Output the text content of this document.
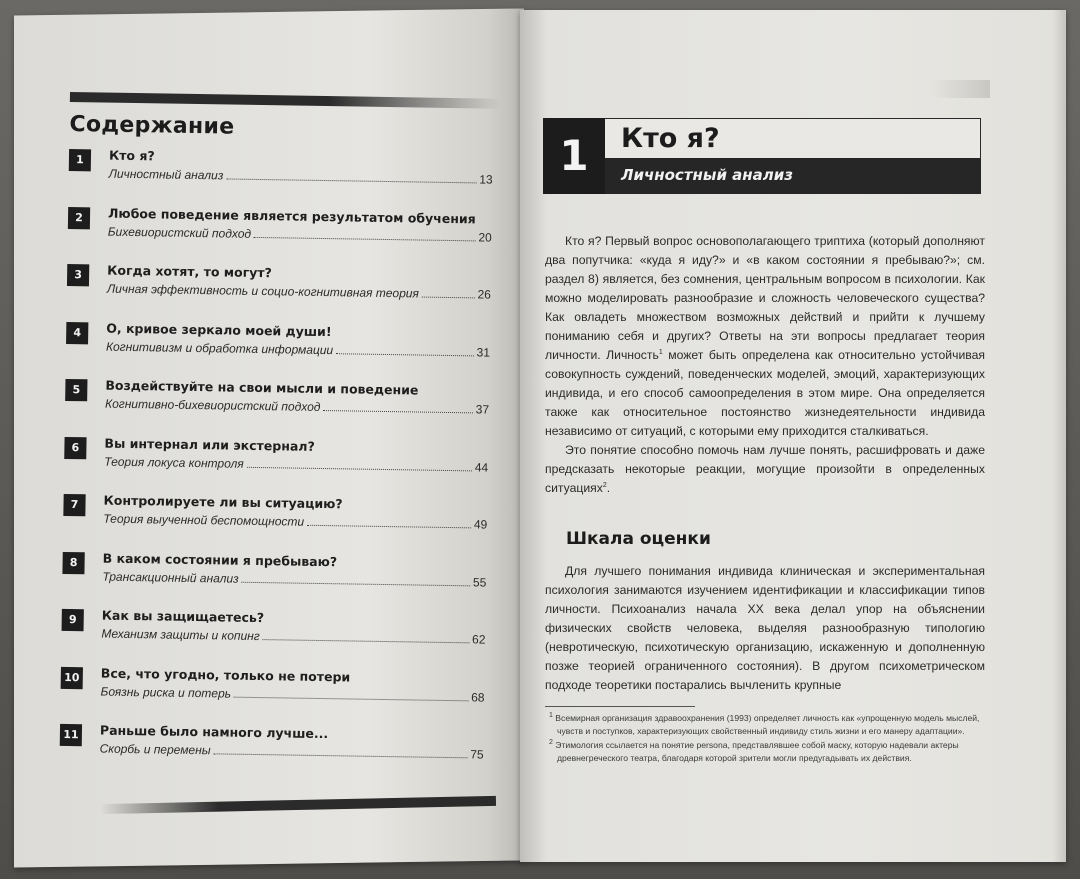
Содержание
1	Кто я?
Личностный анализ	13
2	Любое поведение является результатом обучения
Бихевиористский подход	20
3	Когда хотят, то могут?
Личная эффективность и социо-когнитивная теория	26
4	О, кривое зеркало моей души!
Когнитивизм и обработка информации	31
5	Воздействуйте на свои мысли и поведение
Когнитивно-бихевиористский подход	37
6	Вы интернал или экстернал?
Теория локуса контроля	44
7	Контролируете ли вы ситуацию?
Теория выученной беспомощности	49
8	В каком состоянии я пребываю?
Трансакционный анализ	55
9	Как вы защищаетесь?
Механизм защиты и копинг	62
10 Все, что угодно, только не потери
Боязнь риска и потерь	68
11 Раньше было намного лучше...
Скорбь и перемены	75
1	Кто я?
Личностный анализ

Кто я? Первый вопрос основополагающего триптиха (который дополняют два попутчика: «куда я иду?» и «в каком состоянии я пребываю?»; см. раздел 8) является, без сомнения, центральным вопросом в психологии. Как можно моделировать разнообразие и сложность человеческого существа? Как овладеть множеством возможных действий и прийти к лучшему пониманию себя и других? Ответы на эти вопросы предлагает теория личности. Личность$^1$ может быть определена как относительно устойчивая совокупность суждений, поведенческих моделей, эмоций, характеризующих индивида, и его способ самоопределения в этом мире. Она определяется также как относительное постоянство жизнедеятельности индивида независимо от ситуаций, с которыми ему приходится сталкиваться.

Это понятие способно помочь нам лучше понять, расшифровать и даже предсказать некоторые реакции, могущие произойти в определенных ситуациях$^2$.

Шкала оценки

Для лучшего понимания индивида клиническая и экспериментальная психология занимаются изучением идентификации и классификации типов личности. Психоанализ начала XX века делал упор на объяснении физических свойств человека, выделяя разнообразную типологию (невротическую, психотическую организацию, искаженную и дополненную позже теорией ограниченного состояния). В другом психометрическом подходе теоретики постарались вычленить крупные

$^1$ Всемирная организация здравоохранения (1993) определяет личность как «упрощенную модель мыслей, чувств и поступков, характеризующих свойственный индивиду стиль жизни и его манеру адаптации».

$^2$ Этимология ссылается на понятие persona, представлявшее собой маску, которую надевали актеры древнегреческого театра, благодаря которой зрители могли предугадывать их действия.
